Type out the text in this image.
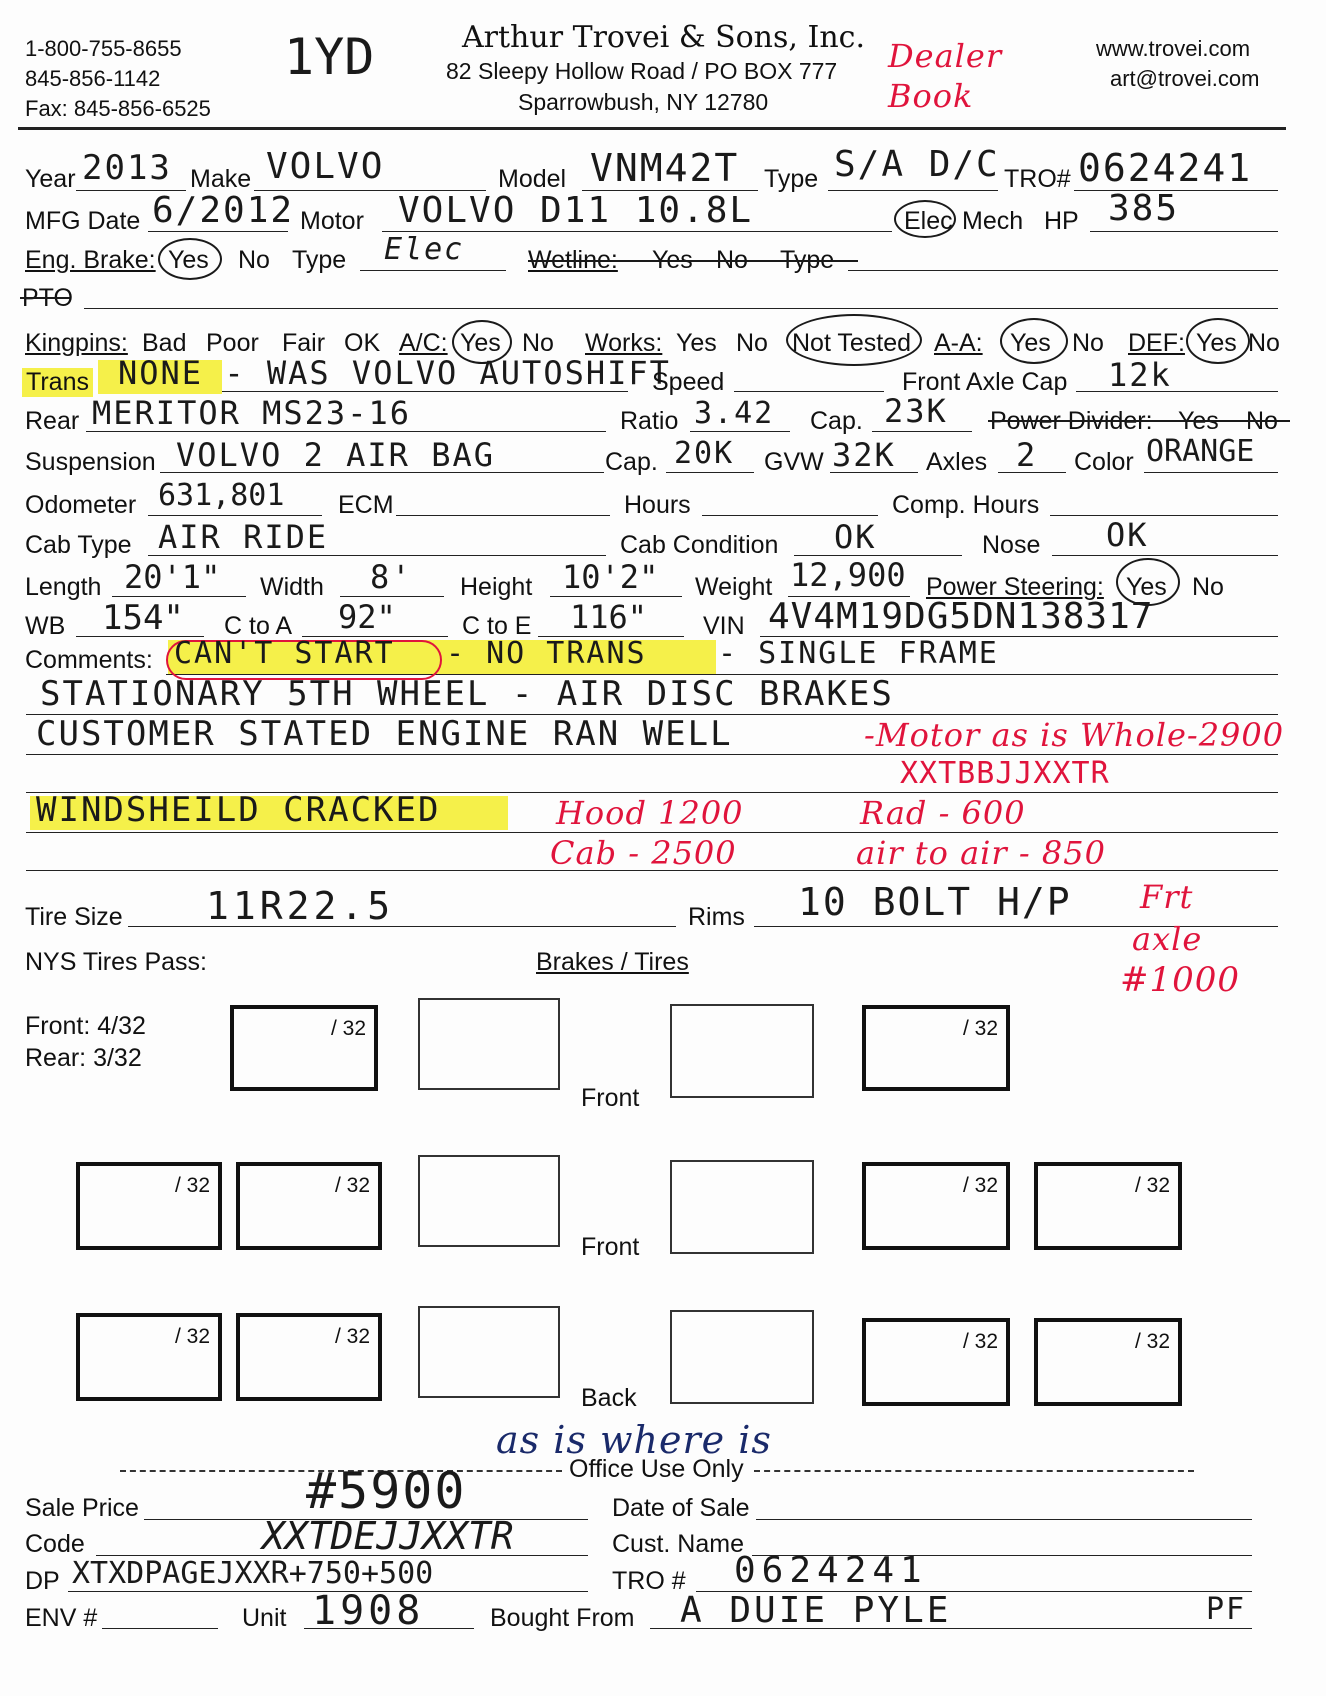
1-800-755-8655
845-856-1142
Fax: 845-856-6525
1YD	Arthur Trovei & Sons, Inc.
82 Sleepy Hollow Road / PO BOX 777
Sparrowbush, NY 12780
Dealer Book
www.trovei.com
art@trovei.com
Year 2013 Make VOLVO	Model VNM42T Type S/A D/C TRO# 0624241
MFG Date 6/2012 Motor VOLVO D11 10.8L	Elec Mech HP 385
Eng. Brake: Yes No Type Elec	Wetline: Yes No Type
PTO
Kingpins: Bad Poor Fair OK A/C: Yes No Works: Yes No Not Tested A-A: Yes No DEF: Yes No
Trans NONE - WAS VOLVO AUTOSHIFT
Speed	Front Axle Cap 12k
Rear MERITOR MS23-16	Ratio 3.42 Cap. 23K Power Divider: Yes No
Suspension VOLVO 2 AIR BAG	Cap. 20K GVW 32K Axles 2 Color ORANGE
Odometer 631,801 ECM	Hours	Comp. Hours
Cab Type AIR RIDE	Cab Condition OK	Nose OK
Length 20'1" Width 8' Height 10'2" Weight 12,900 Power Steering: Yes No
WB 154" C to A 92"	C to E 116" VIN 4V4M19DG5DN138317
Comments: CAN'T START - NO TRANS - SINGLE FRAME
STATIONARY 5TH WHEEL - AIR DISC BRAKES
CUSTOMER STATED ENGINE RAN WELL	-Motor as is Whole-2900
XXTBBJJXXTR
WINDSHEILD CRACKED	Hood 1200	Rad - 600
Cab - 2500	air to air - 850
Tire Size 11R22.5	Rims 10 BOLT H/P Frt
axle
#1000
NYS Tires Pass:	Brakes / Tires
Front: 4/32
Rear: 3/32
/ 32
Front
/ 32
/ 32	/ 32
Front
/ 32	/ 32
/ 32	/ 32
Back
/ 32	/ 32
as is where is
Office Use Only
Sale Price	#5900	Date of Sale
Code	XXTDEJJXXTR	Cust. Name
DP XTXDPAGEJXXR+750+500	TRO # 0624241
ENV #	Unit 1908	Bought From A DUIE PYLE	PF
